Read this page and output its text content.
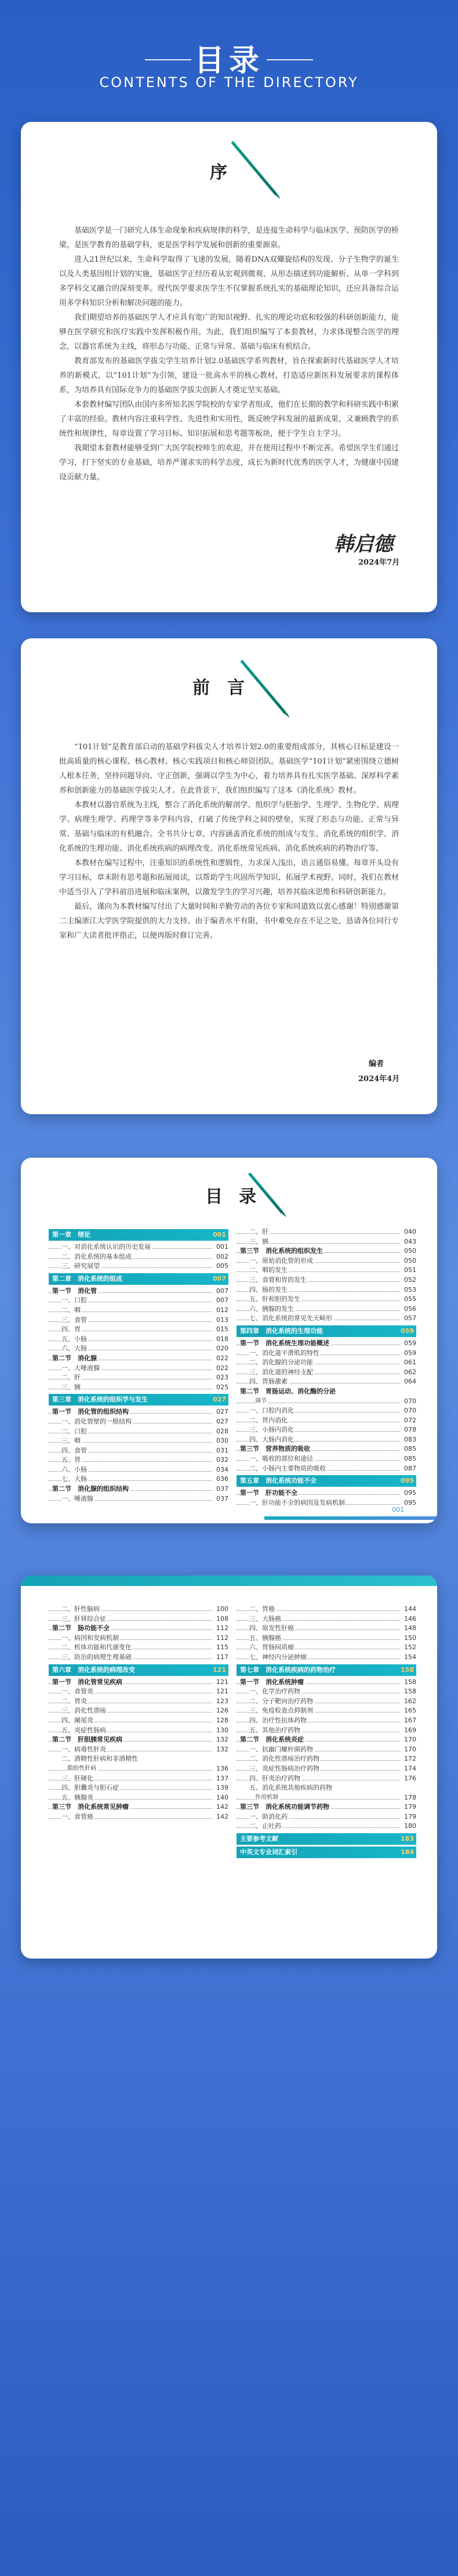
目录
CONTENTS OF THE DIRECTORY
序

基础医学是一门研究人体生命现象和疾病规律的科学，是连接生命科学与临床医学、预防医学的桥梁，是医学教育的基础学科，更是医学科学发展和创新的重要源泉。

进入21世纪以来，生命科学取得了飞速的发展，随着DNA双螺旋结构的发现、分子生物学的诞生以及人类基因组计划的实施，基础医学正经历着从宏观到微观、从形态描述到功能解析、从单一学科到多学科交叉融合的深刻变革。现代医学要求医学生不仅掌握系统扎实的基础理论知识，还应具备综合运用多学科知识分析和解决问题的能力。

我们期望培养的基础医学人才应具有宽广的知识视野、扎实的理论功底和较强的科研创新能力，能够在医学研究和医疗实践中发挥积极作用。为此，我们组织编写了本套教材，力求体现整合医学的理念，以器官系统为主线，将形态与功能、正常与异常、基础与临床有机结合。

教育部发布的基础医学拔尖学生培养计划2.0基础医学系列教材，旨在探索新时代基础医学人才培养的新模式，以“101计划”为引领，建设一批高水平的核心教材，打造适应新医科发展要求的课程体系，为培养具有国际竞争力的基础医学拔尖创新人才奠定坚实基础。

本套教材编写团队由国内多所知名医学院校的专家学者组成，他们在长期的教学和科研实践中积累了丰富的经验。教材内容注重科学性、先进性和实用性，既反映学科发展的最新成果，又兼顾教学的系统性和规律性，每章设置了学习目标、知识拓展和思考题等板块，便于学生自主学习。

我期望本套教材能够受到广大医学院校师生的欢迎，并在使用过程中不断完善。希望医学生们通过学习，打下坚实的专业基础，培养严谨求实的科学态度，成长为新时代优秀的医学人才，为健康中国建设贡献力量。

韩启德
2024年7月
前言

“101计划”是教育部启动的基础学科拔尖人才培养计划2.0的重要组成部分，其核心目标是建设一批高质量的核心课程、核心教材、核心实践项目和核心师资团队。基础医学“101计划”紧密围绕立德树人根本任务，坚持问题导向、守正创新，强调以学生为中心，着力培养具有扎实医学基础、深厚科学素养和创新能力的基础医学拔尖人才。在此背景下，我们组织编写了这本《消化系统》教材。

本教材以器官系统为主线，整合了消化系统的解剖学、组织学与胚胎学、生理学、生物化学、病理学、病理生理学、药理学等多学科内容，打破了传统学科之间的壁垒，实现了形态与功能、正常与异常、基础与临床的有机融合。全书共分七章，内容涵盖消化系统的组成与发生、消化系统的组织学、消化系统的生理功能、消化系统疾病的病理改变、消化系统常见疾病、消化系统疾病的药物治疗等。

本教材在编写过程中，注重知识的系统性和逻辑性，力求深入浅出，语言通俗易懂。每章开头设有学习目标，章末附有思考题和拓展阅读，以帮助学生巩固所学知识、拓展学术视野。同时，我们在教材中适当引入了学科前沿进展和临床案例，以激发学生的学习兴趣，培养其临床思维和科研创新能力。

最后，谨向为本教材编写付出了大量时间和辛勤劳动的各位专家和同道致以衷心感谢！特别感谢第二主编浙江大学医学院提供的大力支持。由于编者水平有限，书中难免存在不足之处，恳请各位同行专家和广大读者批评指正，以便再版时修订完善。

编者
2024年4月
目录
第一章　绪论	001
一、对消化系统认识的历史发展	001
二、消化系统的基本组成	002
三、研究展望	005
第二章　消化系统的组成	007
第一节　消化管	007
一、口腔	007
二、咽	012
三、食管	013
四、胃	015
五、小肠	018
六、大肠	020
第二节　消化腺	022
一、大唾液腺	022
二、肝	023
三、胰	025
第三章　消化系统的组织学与发生	027
第一节　消化管的组织结构	027
一、消化管壁的一般结构	027
二、口腔	028
三、咽	030
四、食管	031
五、胃	032
六、小肠	034
七、大肠	036
第二节　消化腺的组织结构	037
一、唾液腺	037
二、肝	040
三、胰	043
第三节　消化系统的组织发生	050
一、原始消化管的形成	050
二、咽的发生	051
三、食管和胃的发生	052
四、肠的发生	053
五、肝和胆的发生	055
六、胰腺的发生	056
七、消化系统的常见先天畸形	057
第四章　消化系统的生理功能	059
第一节　消化系统生理功能概述	059
一、消化道平滑肌的特性	059
二、消化腺的分泌功能	061
三、消化道的神经支配	062
四、胃肠激素	064
第二节　胃肠运动、消化酶的分泌
调节	070
一、口腔内消化	070
二、胃内消化	072
三、小肠内消化	078
四、大肠内消化	083
第三节　营养物质的吸收	085
一、吸收的部位和途径	085
二、小肠内主要物质的吸收	087
第五章　消化系统功能不全	095
第一节　肝功能不全	095
一、肝功能不全的病因及发病机制	095
001
二、肝性脑病	100
三、肝肾综合征	108
第二节　肠功能不全	112
一、病因和发病机制	112
二、机体功能和代谢变化	115
三、防治的病理生理基础	117
第六章　消化系统的病理改变	121
第一节　消化管常见疾病	121
一、食管炎	121
二、胃炎	123
三、消化性溃疡	126
四、阑尾炎	128
五、炎症性肠病	130
第二节　肝胆胰常见疾病	132
一、病毒性肝炎	132
二、酒精性肝病和非酒精性
脂肪性肝病	136
三、肝硬化	137
四、胆囊炎与胆石症	139
五、胰腺炎	140
第三节　消化系统常见肿瘤	142
一、食管癌	142
二、胃癌	144
三、大肠癌	146
四、原发性肝癌	148
五、胰腺癌	150
六、胃肠间质瘤	152
七、神经内分泌肿瘤	154
第七章　消化系统疾病的药物治疗	158
第一节　消化系统肿瘤	158
一、化学治疗药物	158
二、分子靶向治疗药物	162
三、免疫检查点抑制剂	165
四、治疗性抗体药物	167
五、其他治疗药物	169
第二节　消化系统炎症	170
一、抗幽门螺杆菌药物	170
二、消化性溃疡治疗药物	172
三、炎症性肠病治疗药物	174
四、肝炎治疗药物	176
五、消化系统其他疾病的药物
作用机制	178
第三节　消化系统功能调节药物	179
一、助消化药	179
二、止吐药	180
主要参考文献	183
中英文专业词汇索引	184
